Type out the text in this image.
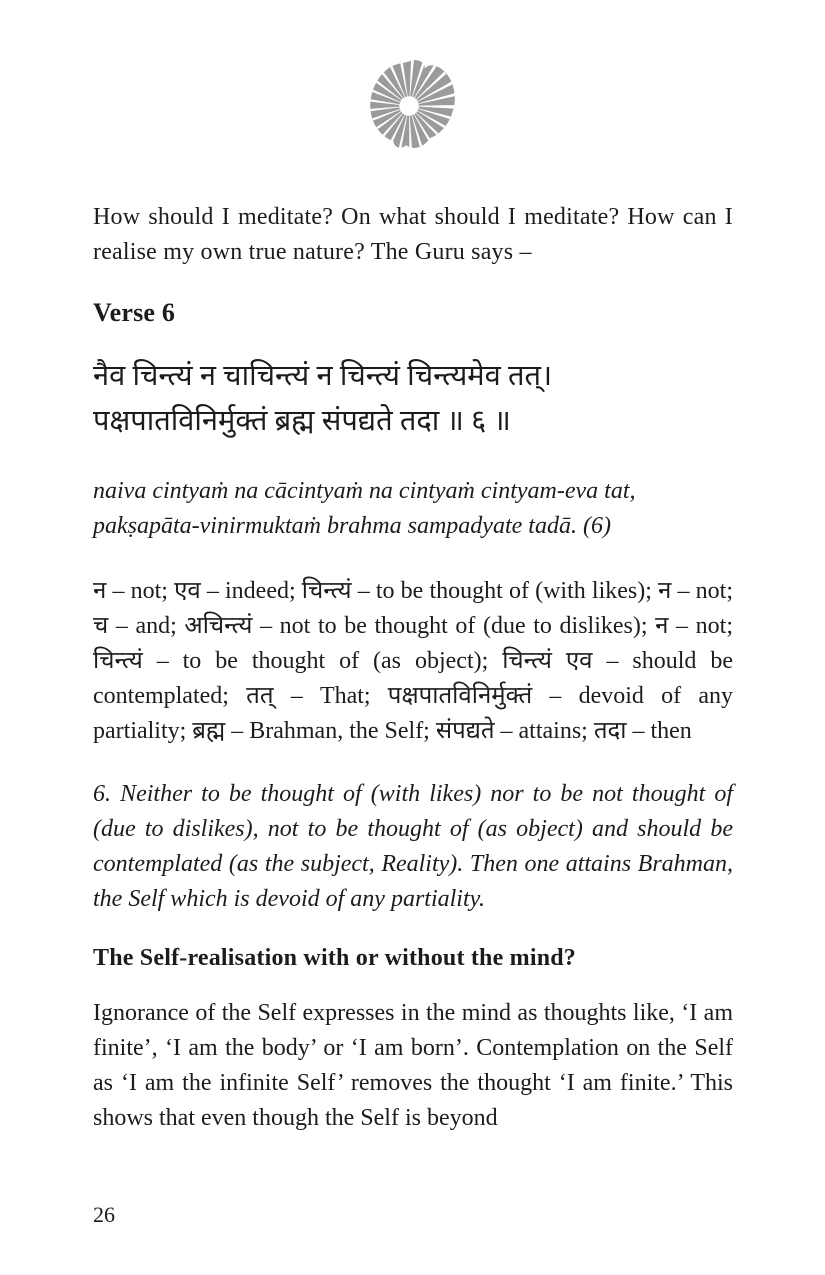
How should I meditate? On what should I meditate? How can I realise my own true nature? The Guru says –

Verse 6
नैव चिन्त्यं न चाचिन्त्यं न चिन्त्यं चिन्त्यमेव तत्।
पक्षपातविनिर्मुक्तं ब्रह्म संपद्यते तदा ॥ ६ ॥
naiva cintyaṁ na cācintyaṁ na cintyaṁ cintyam-eva tat,
pakṣapāta-vinirmuktaṁ brahma sampadyate tadā. (6)

न – not; एव – indeed; चिन्त्यं – to be thought of (with likes); न – not; च – and; अचिन्त्यं – not to be thought of (due to dislikes); न – not; चिन्त्यं – to be thought of (as object); चिन्त्यं एव – should be contemplated; तत् – That; पक्षपातविनिर्मुक्तं – devoid of any partiality; ब्रह्म – Brahman, the Self; संपद्यते – attains; तदा – then

6. Neither to be thought of (with likes) nor to be not thought of (due to dislikes), not to be thought of (as object) and should be contemplated (as the subject, Reality). Then one attains Brahman, the Self which is devoid of any partiality.

The Self-realisation with or without the mind?

Ignorance of the Self expresses in the mind as thoughts like, ‘I am finite’, ‘I am the body’ or ‘I am born’. Contemplation on the Self as ‘I am the infinite Self’ removes the thought ‘I am finite.’ This shows that even though the Self is beyond

26
